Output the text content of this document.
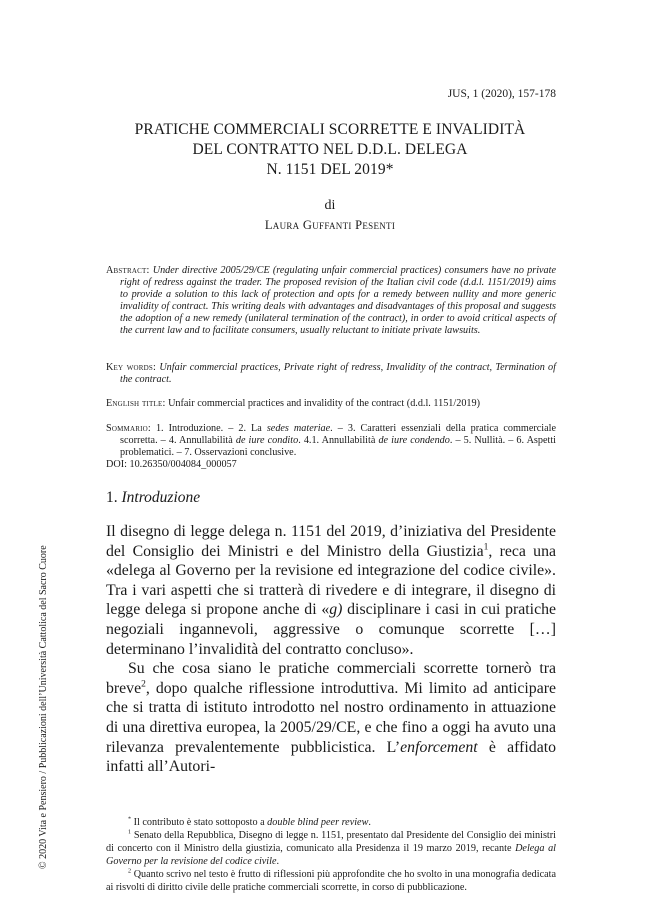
JUS, 1 (2020), 157-178
PRATICHE COMMERCIALI SCORRETTE E INVALIDITÀ
DEL CONTRATTO NEL D.D.L. DELEGA
N. 1151 DEL 2019*
di
Laura Guffanti Pesenti
Abstract: Under directive 2005/29/CE (regulating unfair commercial practices) consumers have no private right of redress against the trader. The proposed revision of the Italian civil code (d.d.l. 1151/2019) aims to provide a solution to this lack of protection and opts for a remedy between nullity and more generic invalidity of contract. This writing deals with advantages and disadvantages of this proposal and suggests the adoption of a new remedy (unilateral termination of the contract), in order to avoid critical aspects of the current law and to facilitate consumers, usually reluctant to initiate private lawsuits.
Key words: Unfair commercial practices, Private right of redress, Invalidity of the contract, Termination of the contract.
English title: Unfair commercial practices and invalidity of the contract (d.d.l. 1151/2019)
Sommario: 1. Introduzione. – 2. La sedes materiae. – 3. Caratteri essenziali della pratica commerciale scorretta. – 4. Annullabilità de iure condito. 4.1. Annullabilità de iure condendo. – 5. Nullità. – 6. Aspetti problematici. – 7. Osservazioni conclusive.
DOI: 10.26350/004084_000057
1. Introduzione

Il disegno di legge delega n. 1151 del 2019, d’iniziativa del Presidente del Consiglio dei Ministri e del Ministro della Giustizia$^1$, reca una «delega al Governo per la revisione ed integrazione del codice civile». Tra i vari aspetti che si tratterà di rivedere e di integrare, il disegno di legge delega si propone anche di «g) disciplinare i casi in cui pratiche negoziali ingannevoli, aggressive o comunque scorrette […] determinano l’invalidità del contratto concluso».

Su che cosa siano le pratiche commerciali scorrette tornerò tra breve$^2$, dopo qualche riflessione introduttiva. Mi limito ad anticipare che si tratta di istituto introdotto nel nostro ordinamento in attuazione di una direttiva europea, la 2005/29/CE, e che fino a oggi ha avuto una rilevanza prevalentemente pubblicistica. L’enforcement è affidato infatti all’Autori-

* Il contributo è stato sottoposto a double blind peer review.

$^1$ Senato della Repubblica, Disegno di legge n. 1151, presentato dal Presidente del Consiglio dei ministri di concerto con il Ministro della giustizia, comunicato alla Presidenza il 19 marzo 2019, recante Delega al Governo per la revisione del codice civile.

$^2$ Quanto scrivo nel testo è frutto di riflessioni più approfondite che ho svolto in una monografia dedicata ai risvolti di diritto civile delle pratiche commerciali scorrette, in corso di pubblicazione.

© 2020 Vita e Pensiero / Pubblicazioni dell’Università Cattolica del Sacro Cuore
